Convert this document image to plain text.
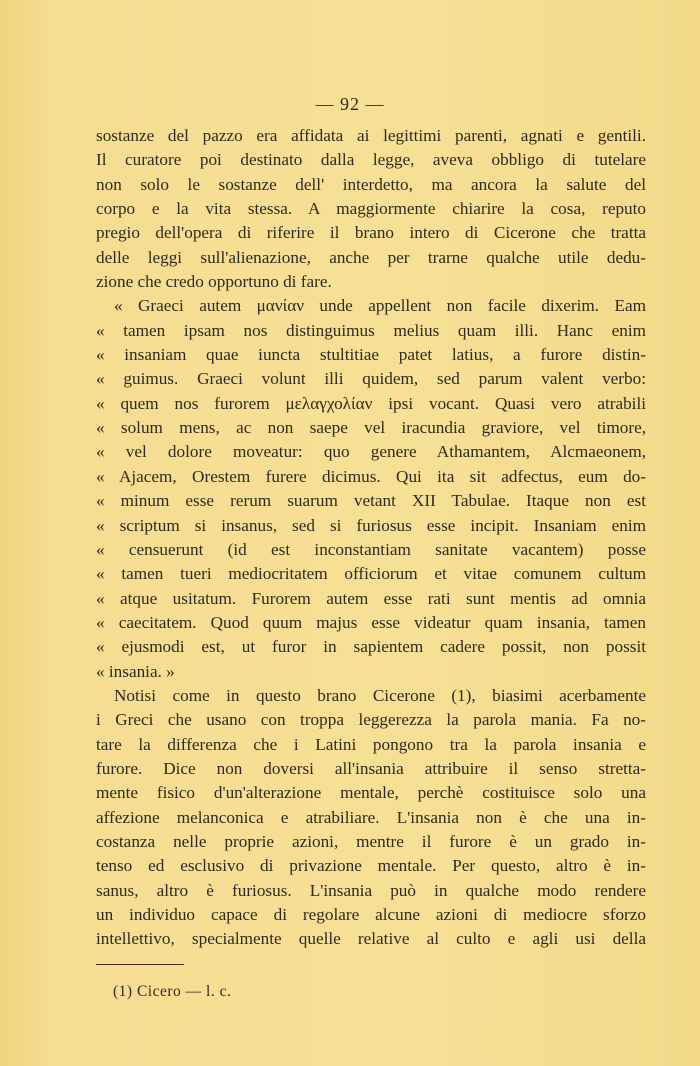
— 92 —
sostanze del pazzo era affidata ai legittimi parenti, agnati e gentili.
Il curatore poi destinato dalla legge, aveva obbligo di tutelare
non solo le sostanze dell' interdetto, ma ancora la salute del
corpo e la vita stessa. A maggiormente chiarire la cosa, reputo
pregio dell'opera di riferire il brano intero di Cicerone che tratta
delle leggi sull'alienazione, anche per trarne qualche utile dedu-
zione che credo opportuno di fare.
« Graeci autem μανίαν unde appellent non facile dixerim. Eam
« tamen ipsam nos distinguimus melius quam illi. Hanc enim
« insaniam quae iuncta stultitiae patet latius, a furore distin-
« guimus. Graeci volunt illi quidem, sed parum valent verbo:
« quem nos furorem μελαγχολίαν ipsi vocant. Quasi vero atrabili
« solum mens, ac non saepe vel iracundia graviore, vel timore,
« vel dolore moveatur: quo genere Athamantem, Alcmaeonem,
« Ajacem, Orestem furere dicimus. Qui ita sit adfectus, eum do-
« minum esse rerum suarum vetant XII Tabulae. Itaque non est
« scriptum si insanus, sed si furiosus esse incipit. Insaniam enim
« censuerunt (id est inconstantiam sanitate vacantem) posse
« tamen tueri mediocritatem officiorum et vitae comunem cultum
« atque usitatum. Furorem autem esse rati sunt mentis ad omnia
« caecitatem. Quod quum majus esse videatur quam insania, tamen
« ejusmodi est, ut furor in sapientem cadere possit, non possit
« insania. »
Notisi come in questo brano Cicerone (1), biasimi acerbamente
i Greci che usano con troppa leggerezza la parola mania. Fa no-
tare la differenza che i Latini pongono tra la parola insania e
furore. Dice non doversi all'insania attribuire il senso stretta-
mente fisico d'un'alterazione mentale, perchè costituisce solo una
affezione melanconica e atrabiliare. L'insania non è che una in-
costanza nelle proprie azioni, mentre il furore è un grado in-
tenso ed esclusivo di privazione mentale. Per questo, altro è in-
sanus, altro è furiosus. L'insania può in qualche modo rendere
un individuo capace di regolare alcune azioni di mediocre sforzo
intellettivo, specialmente quelle relative al culto e agli usi della
(1) Cicero — l. c.
